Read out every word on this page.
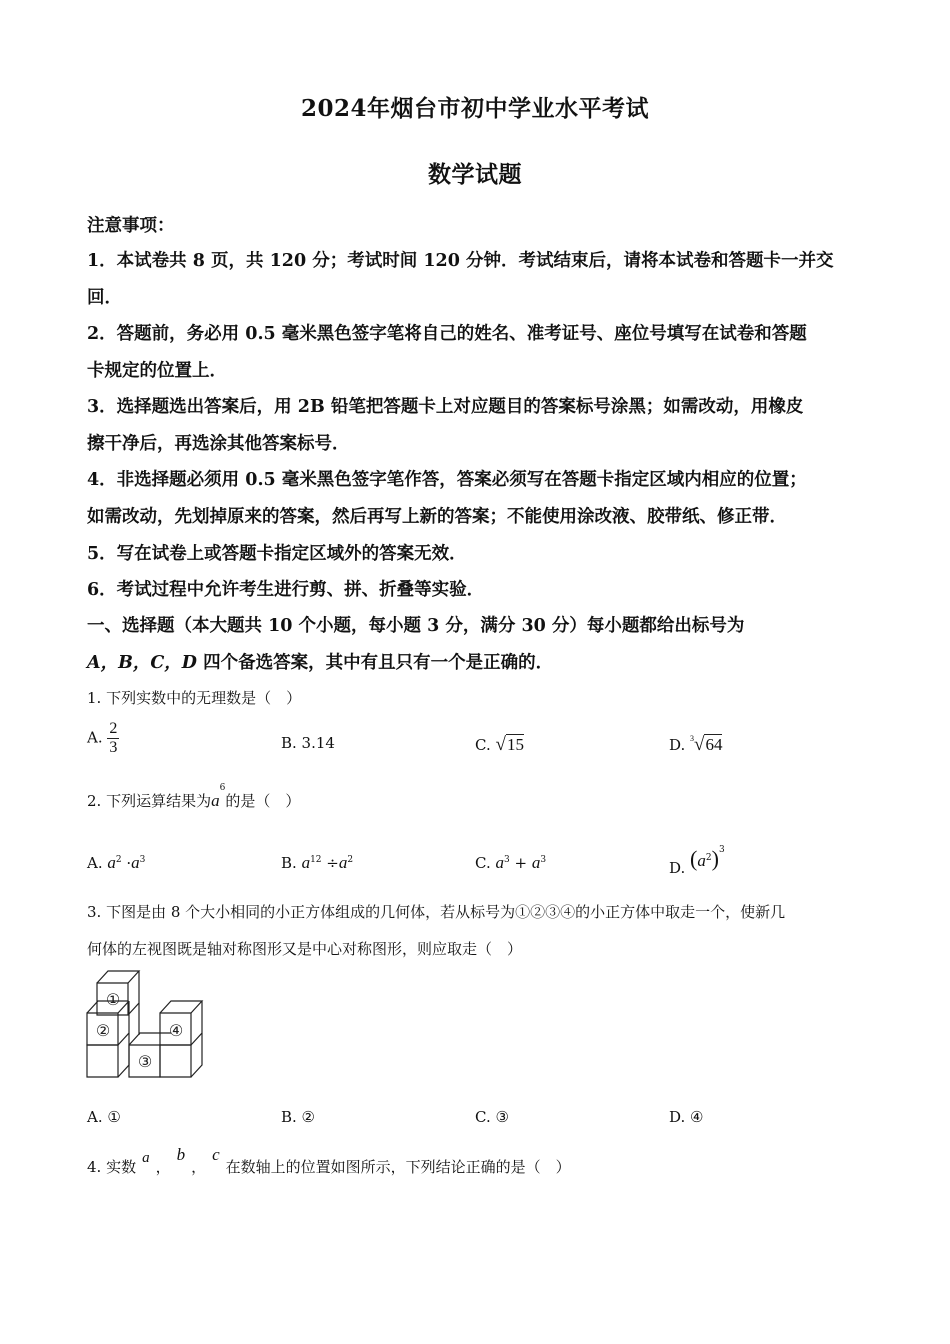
2024年烟台市初中学业水平考试
数学试题
注意事项：
1．本试卷共 8 页，共 120 分；考试时间 120 分钟．考试结束后，请将本试卷和答题卡一并交
回．
2．答题前，务必用 0.5 毫米黑色签字笔将自己的姓名、准考证号、座位号填写在试卷和答题
卡规定的位置上．
3．选择题选出答案后，用 2B 铅笔把答题卡上对应题目的答案标号涂黑；如需改动，用橡皮
擦干净后，再选涂其他答案标号．
4．非选择题必须用 0.5 毫米黑色签字笔作答，答案必须写在答题卡指定区域内相应的位置；
如需改动，先划掉原来的答案，然后再写上新的答案；不能使用涂改液、胶带纸、修正带．
5．写在试卷上或答题卡指定区域外的答案无效．
6．考试过程中允许考生进行剪、拼、折叠等实验．
一、选择题（本大题共 10 个小题，每小题 3 分，满分 30 分）每小题都给出标号为
A，B，C，D 四个备选答案，其中有且只有一个是正确的．
1. 下列实数中的无理数是（　）
A. $\frac{2}{3}$	B. 3.14	C. √15	D. $^3$√64
2. 下列运算结果为$a^6$的是（　）
A. $a^2 \cdot a^3$	B. $a^{12} \div a^2$	C. $a^3 + a^3$	D. $(a^2)^3$
3. 下图是由 8 个大小相同的小正方体组成的几何体，若从标号为①②③④的小正方体中取走一个，使新几
何体的左视图既是轴对称图形又是中心对称图形，则应取走（　）
①
②
③
④
A. ①	B. ②	C. ③	D. ④
4. 实数 a ，b，c在数轴上的位置如图所示，下列结论正确的是（　）
